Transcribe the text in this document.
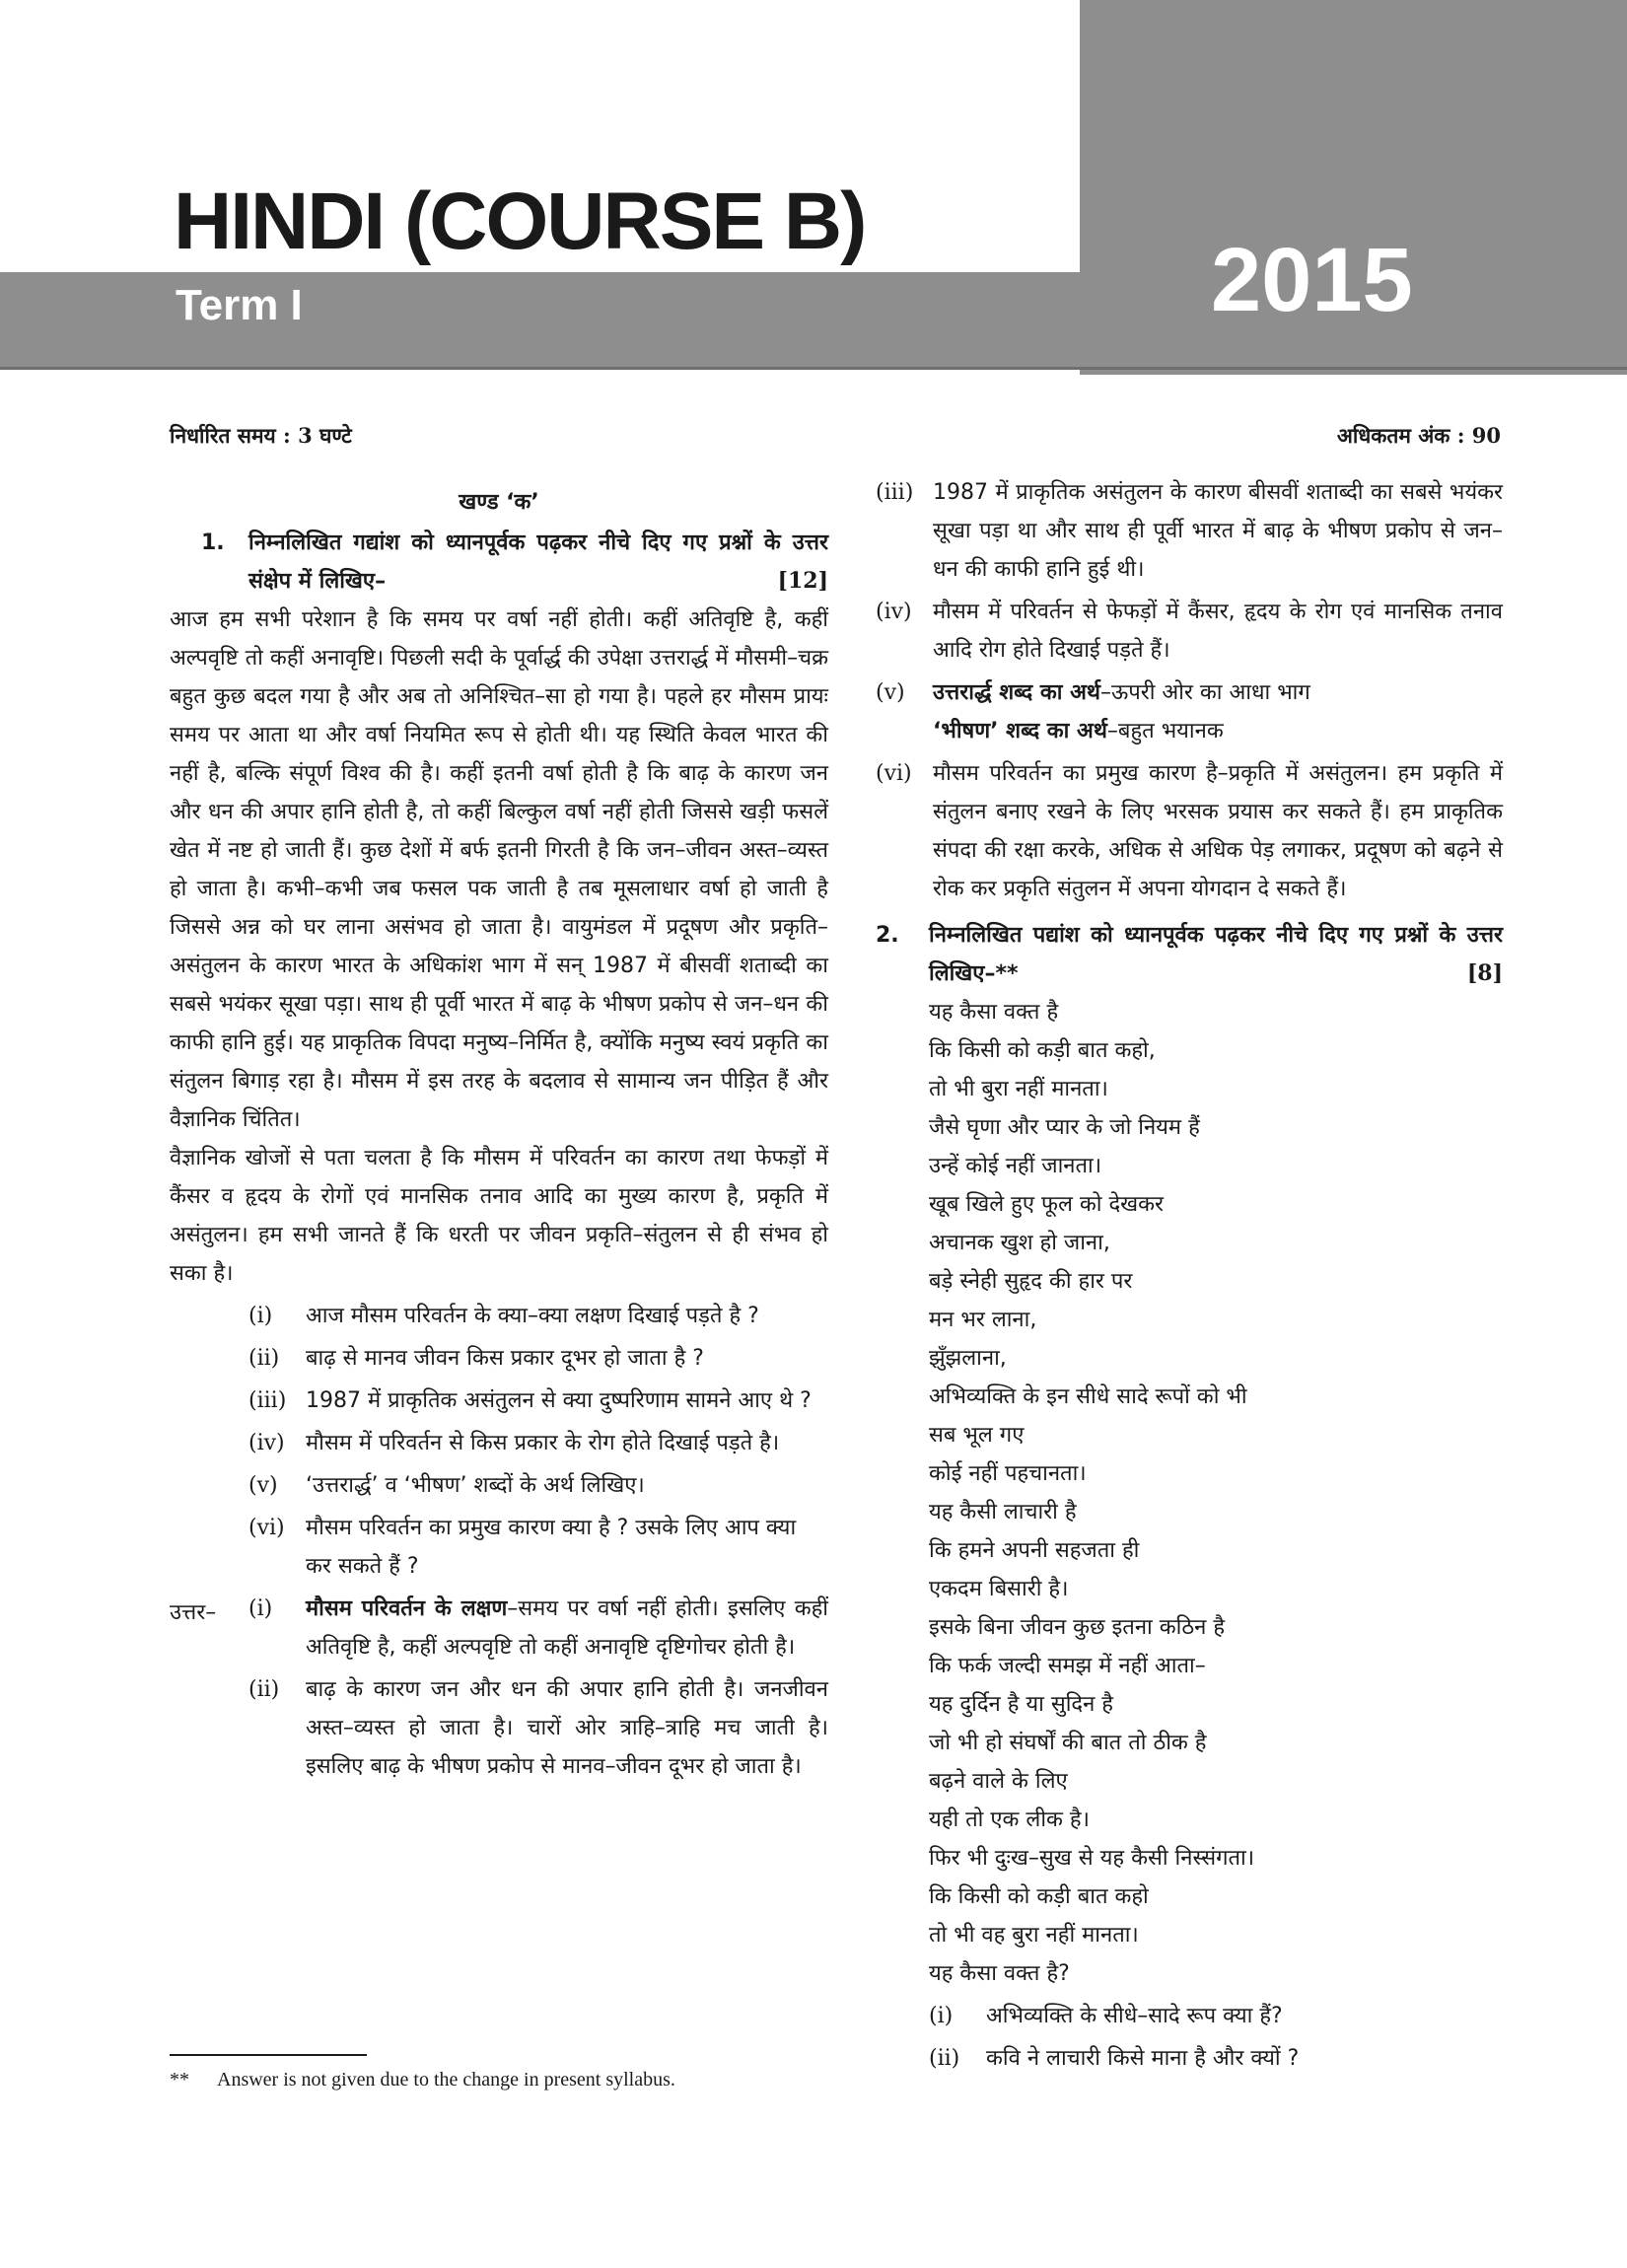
HINDI (COURSE B)
Term I	2015
निर्धारित समय : 3 घण्टे	अधिकतम अंक : 90
खण्ड ‘क’
1. निम्नलिखित गद्यांश को ध्यानपूर्वक पढ़कर नीचे दिए गए प्रश्नों के उत्तर संक्षेप में लिखिए–	[12]
आज हम सभी परेशान है कि समय पर वर्षा नहीं होती। कहीं अतिवृष्टि है, कहीं अल्पवृष्टि तो कहीं अनावृष्टि। पिछली सदी के पूर्वार्द्ध की उपेक्षा उत्तरार्द्ध में मौसमी–चक्र बहुत कुछ बदल गया है और अब तो अनिश्चित–सा हो गया है। पहले हर मौसम प्रायः समय पर आता था और वर्षा नियमित रूप से होती थी। यह स्थिति केवल भारत की नहीं है, बल्कि संपूर्ण विश्व की है। कहीं इतनी वर्षा होती है कि बाढ़ के कारण जन और धन की अपार हानि होती है, तो कहीं बिल्कुल वर्षा नहीं होती जिससे खड़ी फसलें खेत में नष्ट हो जाती हैं। कुछ देशों में बर्फ इतनी गिरती है कि जन–जीवन अस्त–व्यस्त हो जाता है। कभी–कभी जब फसल पक जाती है तब मूसलाधार वर्षा हो जाती है जिससे अन्न को घर लाना असंभव हो जाता है। वायुमंडल में प्रदूषण और प्रकृति–असंतुलन के कारण भारत के अधिकांश भाग में सन् 1987 में बीसवीं शताब्दी का सबसे भयंकर सूखा पड़ा। साथ ही पूर्वी भारत में बाढ़ के भीषण प्रकोप से जन–धन की काफी हानि हुई। यह प्राकृतिक विपदा मनुष्य–निर्मित है, क्योंकि मनुष्य स्वयं प्रकृति का संतुलन बिगाड़ रहा है। मौसम में इस तरह के बदलाव से सामान्य जन पीड़ित हैं और वैज्ञानिक चिंतित।
वैज्ञानिक खोजों से पता चलता है कि मौसम में परिवर्तन का कारण तथा फेफड़ों में कैंसर व हृदय के रोगों एवं मानसिक तनाव आदि का मुख्य कारण है, प्रकृति में असंतुलन। हम सभी जानते हैं कि धरती पर जीवन प्रकृति–संतुलन से ही संभव हो सका है।
(i)	आज मौसम परिवर्तन के क्या–क्या लक्षण दिखाई पड़ते है ?
(ii)	बाढ़ से मानव जीवन किस प्रकार दूभर हो जाता है ?
(iii) 1987 में प्राकृतिक असंतुलन से क्या दुष्परिणाम सामने आए थे ?
(iv) मौसम में परिवर्तन से किस प्रकार के रोग होते दिखाई पड़ते है।
(v)	‘उत्तरार्द्ध’ व ‘भीषण’ शब्दों के अर्थ लिखिए।
(vi) मौसम परिवर्तन का प्रमुख कारण क्या है ? उसके लिए आप क्या कर सकते हैं ?
उत्तर– (i)	मौसम परिवर्तन के लक्षण–समय पर वर्षा नहीं होती। इसलिए कहीं अतिवृष्टि है, कहीं अल्पवृष्टि तो कहीं अनावृष्टि दृष्टिगोचर होती है।
(ii)	बाढ़ के कारण जन और धन की अपार हानि होती है। जनजीवन अस्त–व्यस्त हो जाता है। चारों ओर त्राहि–त्राहि मच जाती है। इसलिए बाढ़ के भीषण प्रकोप से मानव–जीवन दूभर हो जाता है।
** Answer is not given due to the change in present syllabus.
(iii) 1987 में प्राकृतिक असंतुलन के कारण बीसवीं शताब्दी का सबसे भयंकर सूखा पड़ा था और साथ ही पूर्वी भारत में बाढ़ के भीषण प्रकोप से जन–धन की काफी हानि हुई थी।
(iv) मौसम में परिवर्तन से फेफड़ों में कैंसर, हृदय के रोग एवं मानसिक तनाव आदि रोग होते दिखाई पड़ते हैं।
(v)	उत्तरार्द्ध शब्द का अर्थ–ऊपरी ओर का आधा भाग
‘भीषण’ शब्द का अर्थ–बहुत भयानक
(vi) मौसम परिवर्तन का प्रमुख कारण है–प्रकृति में असंतुलन। हम प्रकृति में संतुलन बनाए रखने के लिए भरसक प्रयास कर सकते हैं। हम प्राकृतिक संपदा की रक्षा करके, अधिक से अधिक पेड़ लगाकर, प्रदूषण को बढ़ने से रोक कर प्रकृति संतुलन में अपना योगदान दे सकते हैं।
2. निम्नलिखित पद्यांश को ध्यानपूर्वक पढ़कर नीचे दिए गए प्रश्नों के उत्तर लिखिए–**	[8]
यह कैसा वक्त है
कि किसी को कड़ी बात कहो,
तो भी बुरा नहीं मानता।
जैसे घृणा और प्यार के जो नियम हैं
उन्हें कोई नहीं जानता।
खूब खिले हुए फूल को देखकर
अचानक खुश हो जाना,
बड़े स्नेही सुहृद की हार पर
मन भर लाना,
झुँझलाना,
अभिव्यक्ति के इन सीधे सादे रूपों को भी
सब भूल गए
कोई नहीं पहचानता।
यह कैसी लाचारी है
कि हमने अपनी सहजता ही
एकदम बिसारी है।
इसके बिना जीवन कुछ इतना कठिन है
कि फर्क जल्दी समझ में नहीं आता–
यह दुर्दिन है या सुदिन है
जो भी हो संघर्षों की बात तो ठीक है
बढ़ने वाले के लिए
यही तो एक लीक है।
फिर भी दुःख–सुख से यह कैसी निस्संगता।
कि किसी को कड़ी बात कहो
तो भी वह बुरा नहीं मानता।
यह कैसा वक्त है?
(i)	अभिव्यक्ति के सीधे–सादे रूप क्या हैं?
(ii)	कवि ने लाचारी किसे माना है और क्यों ?
